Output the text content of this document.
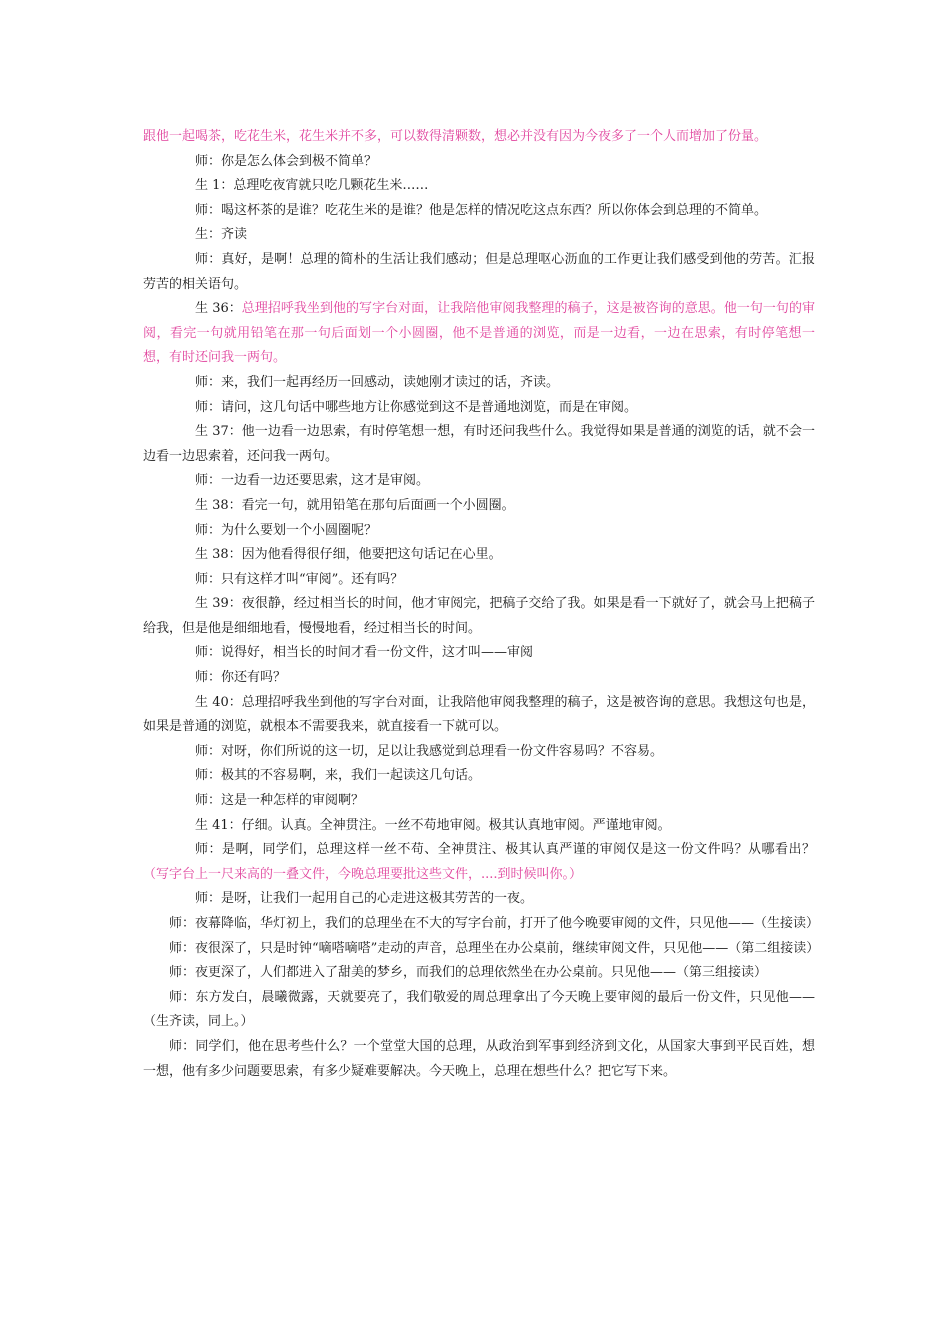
跟他一起喝茶，吃花生米，花生米并不多，可以数得清颗数，想必并没有因为今夜多了一个人而增加了份量。

师：你是怎么体会到极不简单？

生 1：总理吃夜宵就只吃几颗花生米……

师：喝这杯茶的是谁？吃花生米的是谁？他是怎样的情况吃这点东西？所以你体会到总理的不简单。

生：齐读

师：真好，是啊！总理的简朴的生活让我们感动；但是总理呕心沥血的工作更让我们感受到他的劳苦。汇报劳苦的相关语句。

生 36：总理招呼我坐到他的写字台对面，让我陪他审阅我整理的稿子，这是被咨询的意思。他一句一句的审阅，看完一句就用铅笔在那一句后面划一个小圆圈，他不是普通的浏览，而是一边看，一边在思索，有时停笔想一想，有时还问我一两句。

师：来，我们一起再经历一回感动，读她刚才读过的话，齐读。

师：请问，这几句话中哪些地方让你感觉到这不是普通地浏览，而是在审阅。

生 37：他一边看一边思索，有时停笔想一想，有时还问我些什么。我觉得如果是普通的浏览的话，就不会一边看一边思索着，还问我一两句。

师：一边看一边还要思索，这才是审阅。

生 38：看完一句，就用铅笔在那句后面画一个小圆圈。

师：为什么要划一个小圆圈呢？

生 38：因为他看得很仔细，他要把这句话记在心里。

师：只有这样才叫“审阅”。还有吗？

生 39：夜很静，经过相当长的时间，他才审阅完，把稿子交给了我。如果是看一下就好了，就会马上把稿子给我，但是他是细细地看，慢慢地看，经过相当长的时间。

师：说得好，相当长的时间才看一份文件，这才叫——审阅

师：你还有吗？

生 40：总理招呼我坐到他的写字台对面，让我陪他审阅我整理的稿子，这是被咨询的意思。我想这句也是，如果是普通的浏览，就根本不需要我来，就直接看一下就可以。

师：对呀，你们所说的这一切，足以让我感觉到总理看一份文件容易吗？不容易。

师：极其的不容易啊，来，我们一起读这几句话。

师：这是一种怎样的审阅啊？

生 41：仔细。认真。全神贯注。一丝不苟地审阅。极其认真地审阅。严谨地审阅。

师：是啊，同学们，总理这样一丝不苟、全神贯注、极其认真严谨的审阅仅是这一份文件吗？从哪看出？（写字台上一尺来高的一叠文件，今晚总理要批这些文件，....到时候叫你。）

师：是呀，让我们一起用自己的心走进这极其劳苦的一夜。

师：夜幕降临，华灯初上，我们的总理坐在不大的写字台前，打开了他今晚要审阅的文件，只见他——（生接读）

师：夜很深了，只是时钟“嘀嗒嘀嗒”走动的声音，总理坐在办公桌前，继续审阅文件，只见他——（第二组接读）

师：夜更深了，人们都进入了甜美的梦乡，而我们的总理依然坐在办公桌前。只见他——（第三组接读）

师：东方发白，晨曦微露，天就要亮了，我们敬爱的周总理拿出了今天晚上要审阅的最后一份文件，只见他——（生齐读，同上。）

师：同学们，他在思考些什么？一个堂堂大国的总理，从政治到军事到经济到文化，从国家大事到平民百姓，想一想，他有多少问题要思索，有多少疑难要解决。今天晚上，总理在想些什么？把它写下来。
